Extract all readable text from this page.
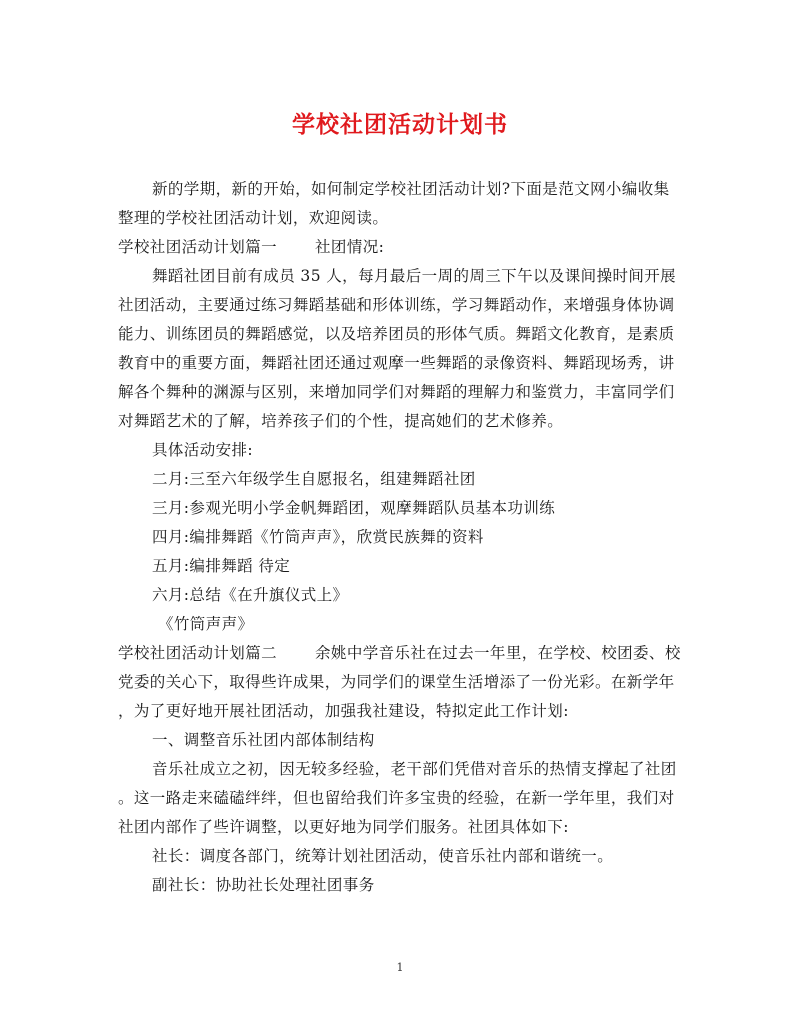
学校社团活动计划书
新的学期，新的开始，如何制定学校社团活动计划?下面是范文网小编收集
整理的学校社团活动计划，欢迎阅读。
学校社团活动计划篇一 社团情况:
舞蹈社团目前有成员 35 人，每月最后一周的周三下午以及课间操时间开展
社团活动，主要通过练习舞蹈基础和形体训练，学习舞蹈动作，来增强身体协调
能力、训练团员的舞蹈感觉，以及培养团员的形体气质。舞蹈文化教育，是素质
教育中的重要方面，舞蹈社团还通过观摩一些舞蹈的录像资料、舞蹈现场秀，讲
解各个舞种的渊源与区别，来增加同学们对舞蹈的理解力和鉴赏力，丰富同学们
对舞蹈艺术的了解，培养孩子们的个性，提高她们的艺术修养。
具体活动安排:
二月:三至六年级学生自愿报名，组建舞蹈社团
三月:参观光明小学金帆舞蹈团，观摩舞蹈队员基本功训练
四月:编排舞蹈《竹筒声声》，欣赏民族舞的资料
五月:编排舞蹈 待定
六月:总结《在升旗仪式上》
《竹筒声声》
学校社团活动计划篇二 余姚中学音乐社在过去一年里，在学校、校团委、校
党委的关心下，取得些许成果，为同学们的课堂生活增添了一份光彩。在新学年
，为了更好地开展社团活动，加强我社建设，特拟定此工作计划:
一、调整音乐社团内部体制结构
音乐社成立之初，因无较多经验，老干部们凭借对音乐的热情支撑起了社团
。这一路走来磕磕绊绊，但也留给我们许多宝贵的经验，在新一学年里，我们对
社团内部作了些许调整，以更好地为同学们服务。社团具体如下:
社长：调度各部门，统筹计划社团活动，使音乐社内部和谐统一。
副社长：协助社长处理社团事务
1
